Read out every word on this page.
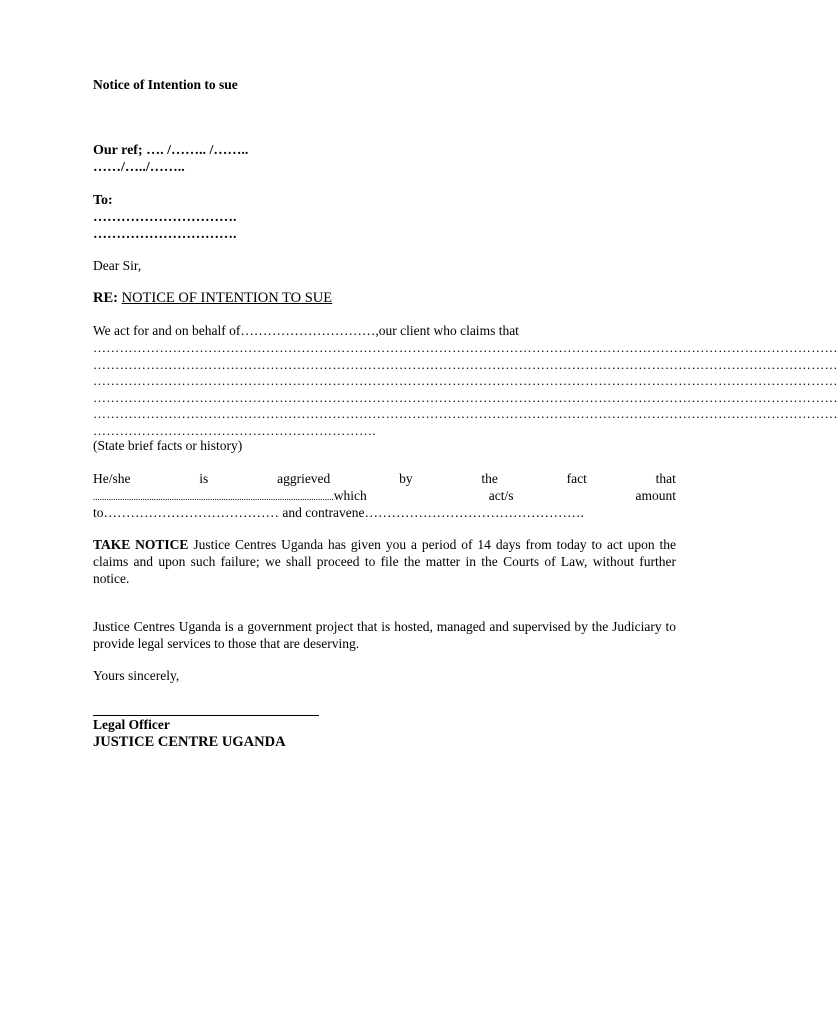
Notice of Intention to sue
Our ref; …. /…….. /……..
……/…../……..
To:
………………………….
………………………….
Dear Sir,
RE: NOTICE OF INTENTION TO SUE
We act for and on behalf of…………………………,our client who claims that
……………………………………………………………………………………………………………………………………………………
……………………………………………………………………………………………………………………………………………………
……………………………………………………………………………………………………………………………………………………
……………………………………………………………………………………………………………………………………………………
……………………………………………………………………………………………………………………………………………………
……………………………………………………….
(State brief facts or history)
He/she	is	aggrieved	by	the	fact	that
...........................................................................................................which	act/s	amount
to………………………………… and contravene………………………………………….
TAKE NOTICE Justice Centres Uganda has given you a period of 14 days from today to act upon the claims and upon such failure; we shall proceed to file the matter in the Courts of Law, without further notice.
Justice Centres Uganda is a government project that is hosted, managed and supervised by the Judiciary to provide legal services to those that are deserving.
Yours sincerely,
Legal Officer
JUSTICE CENTRE UGANDA
